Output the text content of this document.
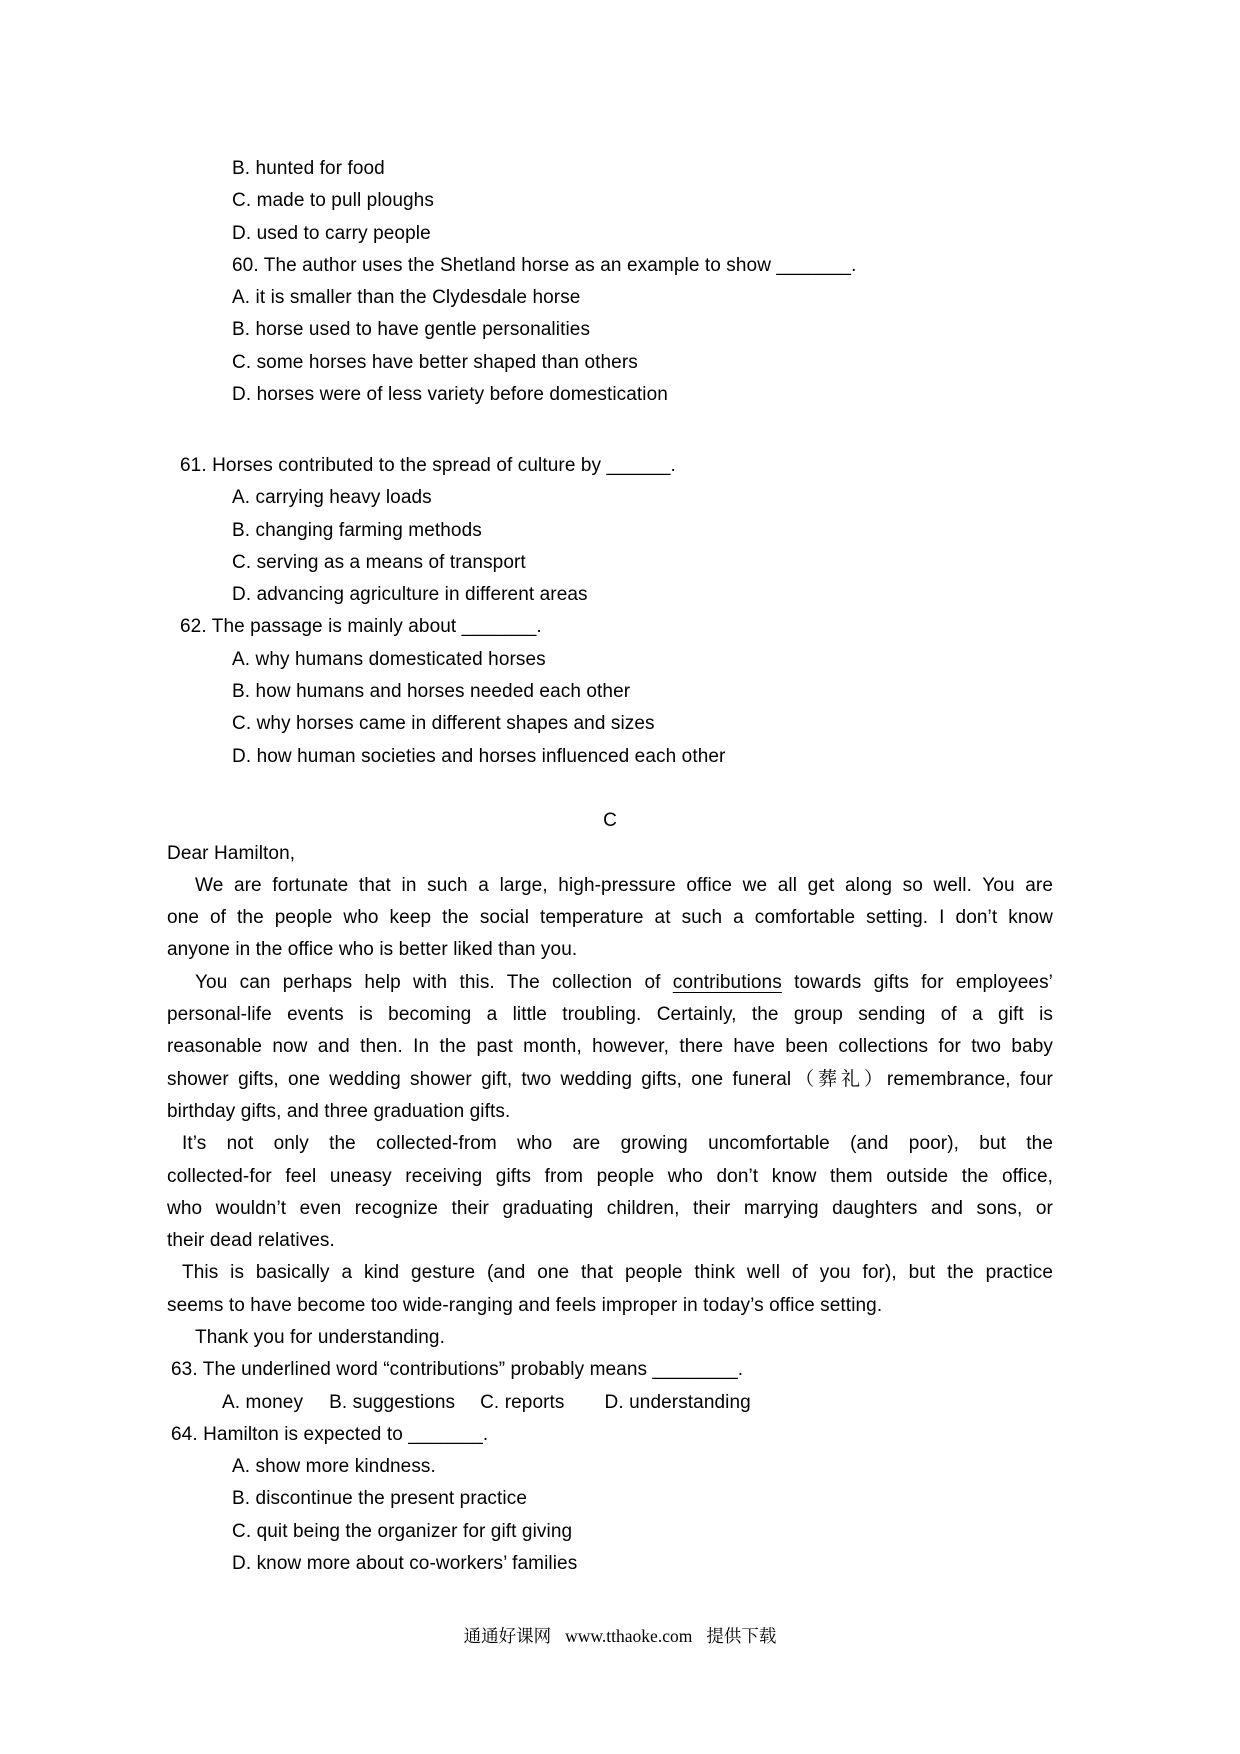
B. hunted for food
C. made to pull ploughs
D. used to carry people
60. The author uses the Shetland horse as an example to show _______.
A. it is smaller than the Clydesdale horse
B. horse used to have gentle personalities
C. some horses have better shaped than others
D. horses were of less variety before domestication
61. Horses contributed to the spread of culture by ______.
A. carrying heavy loads
B. changing farming methods
C. serving as a means of transport
D. advancing agriculture in different areas
62. The passage is mainly about _______.
A. why humans domesticated horses
B. how humans and horses needed each other
C. why horses came in different shapes and sizes
D. how human societies and horses influenced each other
C
Dear Hamilton,
We are fortunate that in such a large, high-pressure office we all get along so well. You are
one of the people who keep the social temperature at such a comfortable setting. I don’t know
anyone in the office who is better liked than you.
You can perhaps help with this. The collection of contributions towards gifts for employees’
personal-life events is becoming a little troubling. Certainly, the group sending of a gift is
reasonable now and then. In the past month, however, there have been collections for two baby
shower gifts, one wedding shower gift, two wedding gifts, one funeral（葬礼）remembrance, four
birthday gifts, and three graduation gifts.
It’s not only the collected-from who are growing uncomfortable (and poor), but the
collected-for feel uneasy receiving gifts from people who don’t know them outside the office,
who wouldn’t even recognize their graduating children, their marrying daughters and sons, or
their dead relatives.
This is basically a kind gesture (and one that people think well of you for), but the practice
seems to have become too wide-ranging and feels improper in today’s office setting.
Thank you for understanding.
63. The underlined word “contributions” probably means ________.
A. money B. suggestions C. reports D. understanding
64. Hamilton is expected to _______.
A. show more kindness.
B. discontinue the present practice
C. quit being the organizer for gift giving
D. know more about co-workers’ families
通通好课网 www.tthaoke.com 提供下载
